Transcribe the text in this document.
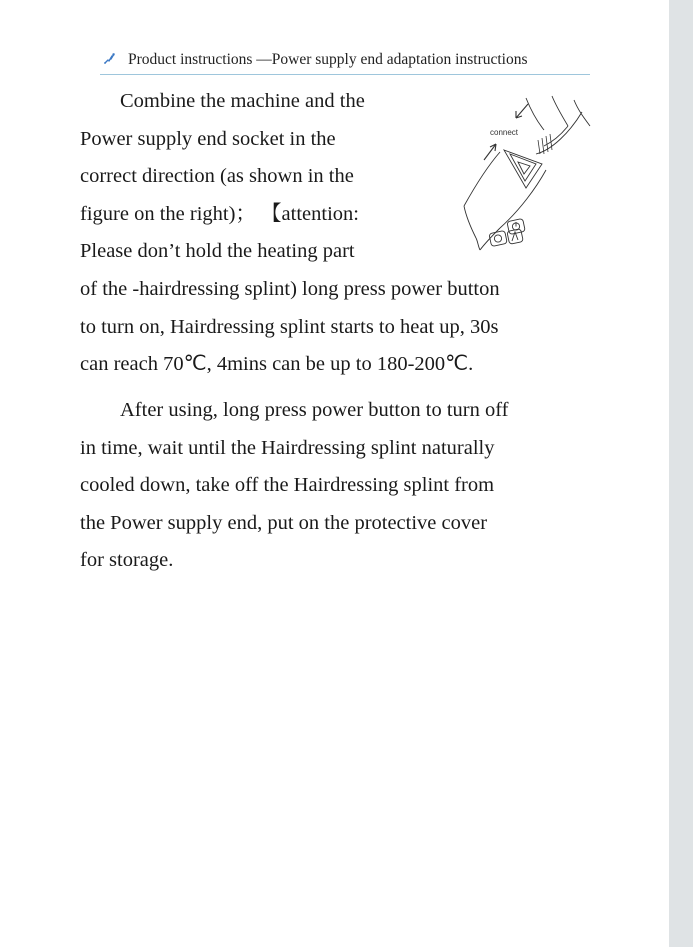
Product instructions —Power supply end adaptation instructions
connect
Combine the machine and the
Power supply end socket in the
correct direction (as shown in the
figure on the right)； 【attention:
Please don’t hold the heating part
of the -hairdressing splint) long press power button
to turn on, Hairdressing splint starts to heat up, 30s
can reach 70℃, 4mins can be up to 180-200℃.
After using, long press power button to turn off
in time, wait until the Hairdressing splint naturally
cooled down, take off the Hairdressing splint from
the Power supply end, put on the protective cover
for storage.
